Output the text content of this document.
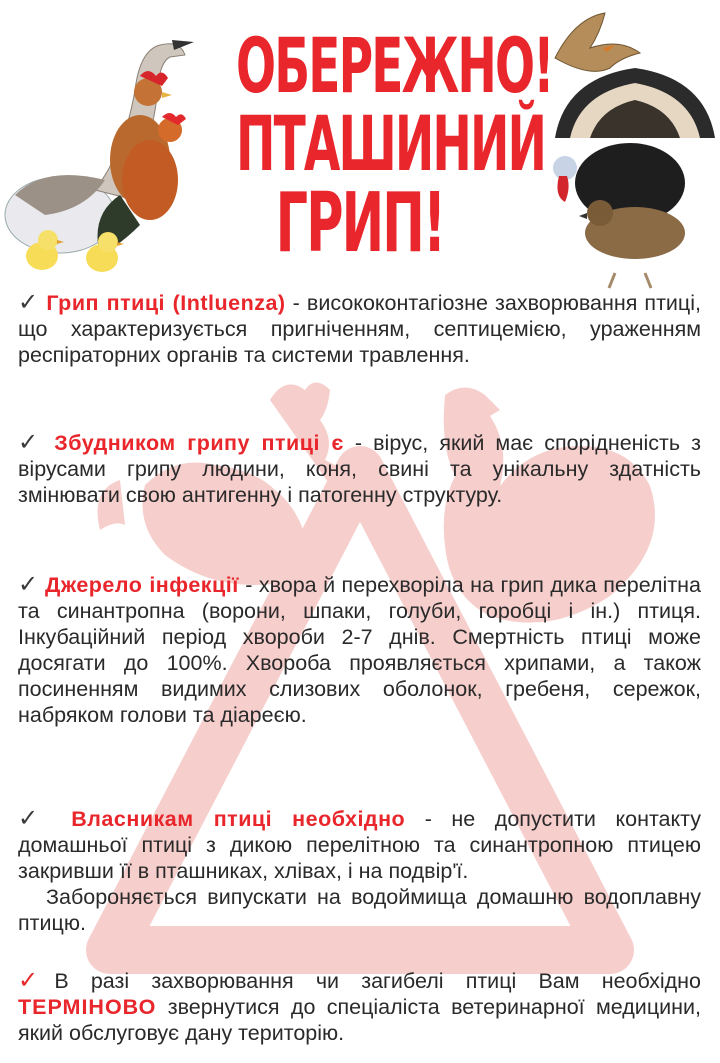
ОБЕРЕЖНО!
ПТАШИНИЙ
ГРИП!
✓ Грип птиці (Intluenza) - висококонтагіозне захворювання птиці, що характеризується пригніченням, септицемією, ураженням респіраторних органів та системи травлення.
✓ Збудником грипу птиці є - вірус, який має спорідненість з вірусами грипу людини, коня, свині та унікальну здатність змінювати свою антигенну і патогенну структуру.
✓ Джерело інфекції - хвора й перехворіла на грип дика перелітна та синантропна (ворони, шпаки, голуби, горобці і ін.) птиця. Інкубаційний період хвороби 2-7 днів. Смертність птиці може досягати до 100%. Хвороба проявляється хрипами, а також посиненням видимих слизових оболонок, гребеня, сережок, набряком голови та діареєю.
✓ Власникам птиці необхідно - не допустити контакту домашньої птиці з дикою перелітною та синантропною птицею закривши її в пташниках, хлівах, і на подвір'ї.
Забороняється випускати на водоймища домашню водоплавну птицю.
✓В разі захворювання чи загибелі птиці Вам необхідно ТЕРМІНОВО звернутися до спеціаліста ветеринарної медицини, який обслуговує дану територію.
